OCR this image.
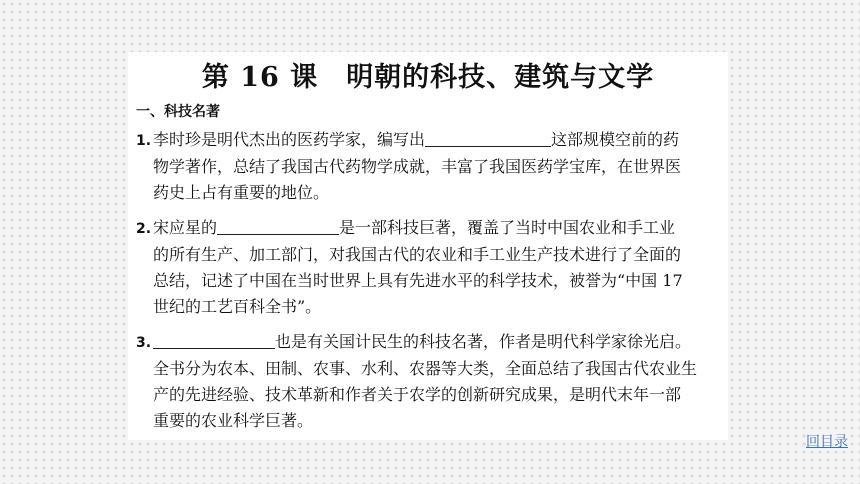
第 16 课 明朝的科技、建筑与文学
一、科技名著
1. 李时珍是明代杰出的医药学家，编写出	这部规模空前的药
物学著作，总结了我国古代药物学成就，丰富了我国医药学宝库，在世界医
药史上占有重要的地位。
2. 宋应星的	是一部科技巨著，覆盖了当时中国农业和手工业
的所有生产、加工部门，对我国古代的农业和手工业生产技术进行了全面的
总结，记述了中国在当时世界上具有先进水平的科学技术，被誉为“中国 17
世纪的工艺百科全书”。
3.	也是有关国计民生的科技名著，作者是明代科学家徐光启。
全书分为农本、田制、农事、水利、农器等大类，全面总结了我国古代农业生
产的先进经验、技术革新和作者关于农学的创新研究成果，是明代末年一部
重要的农业科学巨著。
回目录
